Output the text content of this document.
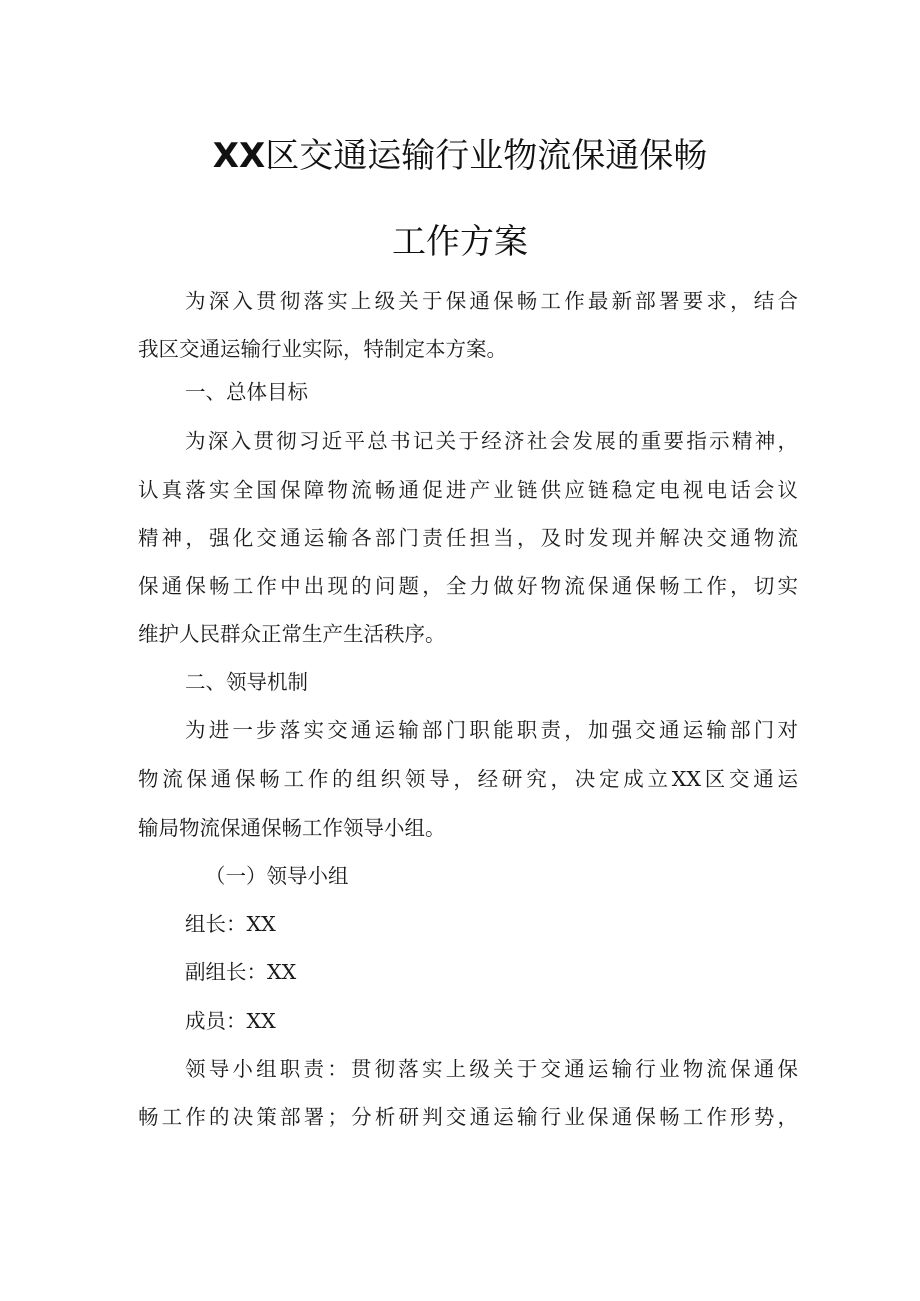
XX区交通运输行业物流保通保畅
工作方案
为深入贯彻落实上级关于保通保畅工作最新部署要求，结合
我区交通运输行业实际，特制定本方案。
一、总体目标
为深入贯彻习近平总书记关于经济社会发展的重要指示精神，
认真落实全国保障物流畅通促进产业链供应链稳定电视电话会议
精神，强化交通运输各部门责任担当，及时发现并解决交通物流
保通保畅工作中出现的问题，全力做好物流保通保畅工作，切实
维护人民群众正常生产生活秩序。
二、领导机制
为进一步落实交通运输部门职能职责，加强交通运输部门对
物流保通保畅工作的组织领导，经研究，决定成立XX区交通运
输局物流保通保畅工作领导小组。
（一）领导小组
组长：XX
副组长：XX
成员：XX
领导小组职责：贯彻落实上级关于交通运输行业物流保通保
畅工作的决策部署；分析研判交通运输行业保通保畅工作形势，
